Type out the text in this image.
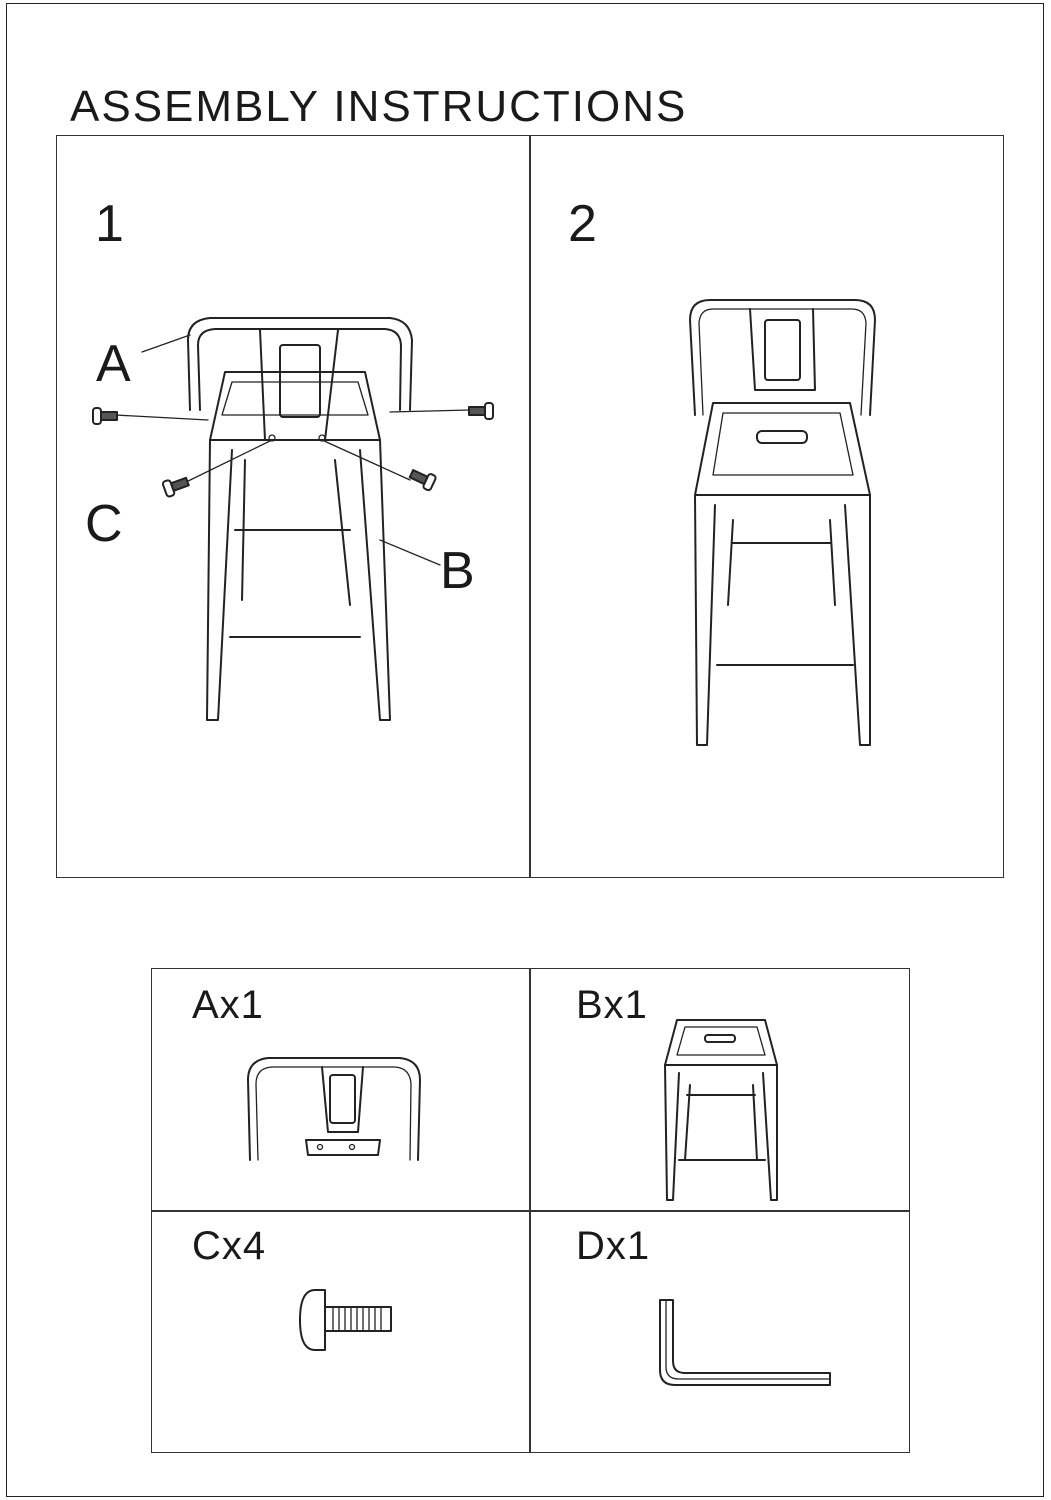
ASSEMBLY INSTRUCTIONS
1	2
A
C
B
Ax1	Bx1
Cx4	Dx1
